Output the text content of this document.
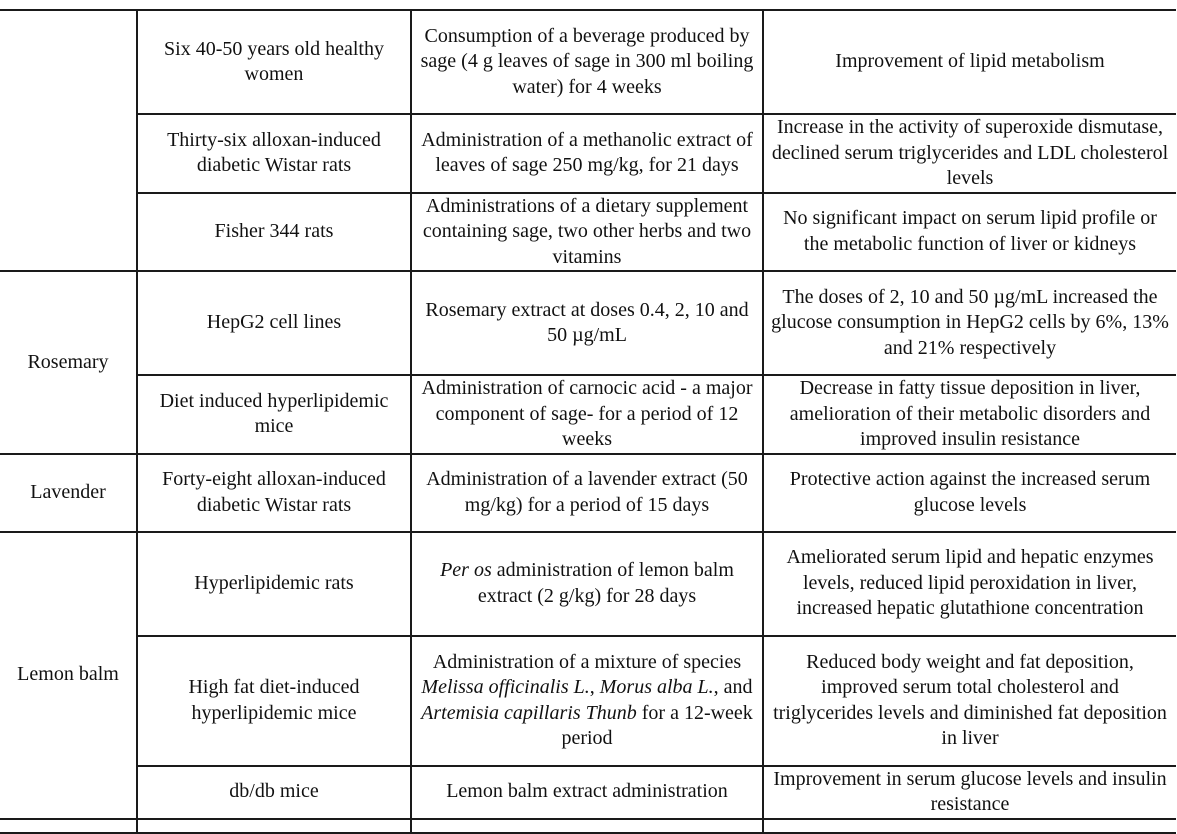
	Six 40-50 years old healthy women	Consumption of a beverage produced by sage (4 g leaves of sage in 300 ml boiling water) for 4 weeks	Improvement of lipid metabolism
	Thirty-six alloxan-induced diabetic Wistar rats	Administration of a methanolic extract of leaves of sage 250 mg/kg, for 21 days	Increase in the activity of superoxide dismutase, declined serum triglycerides and LDL cholesterol levels
	Fisher 344 rats	Administrations of a dietary supplement containing sage, two other herbs and two vitamins	No significant impact on serum lipid profile or the metabolic function of liver or kidneys
Rosemary	HepG2 cell lines	Rosemary extract at doses 0.4, 2, 10 and 50 µg/mL	The doses of 2, 10 and 50 µg/mL increased the glucose consumption in HepG2 cells by 6%, 13% and 21% respectively
	Diet induced hyperlipidemic mice	Administration of carnocic acid - a major component of sage- for a period of 12 weeks	Decrease in fatty tissue deposition in liver, amelioration of their metabolic disorders and improved insulin resistance
Lavender	Forty-eight alloxan-induced diabetic Wistar rats	Administration of a lavender extract (50 mg/kg) for a period of 15 days	Protective action against the increased serum glucose levels
Lemon balm	Hyperlipidemic rats	Per os administration of lemon balm extract (2 g/kg) for 28 days	Ameliorated serum lipid and hepatic enzymes levels, reduced lipid peroxidation in liver, increased hepatic glutathione concentration
	High fat diet-induced hyperlipidemic mice	Administration of a mixture of species Melissa officinalis L., Morus alba L., and Artemisia capillaris Thunb for a 12-week period	Reduced body weight and fat deposition, improved serum total cholesterol and triglycerides levels and diminished fat deposition in liver
	db/db mice	Lemon balm extract administration	Improvement in serum glucose levels and insulin resistance
